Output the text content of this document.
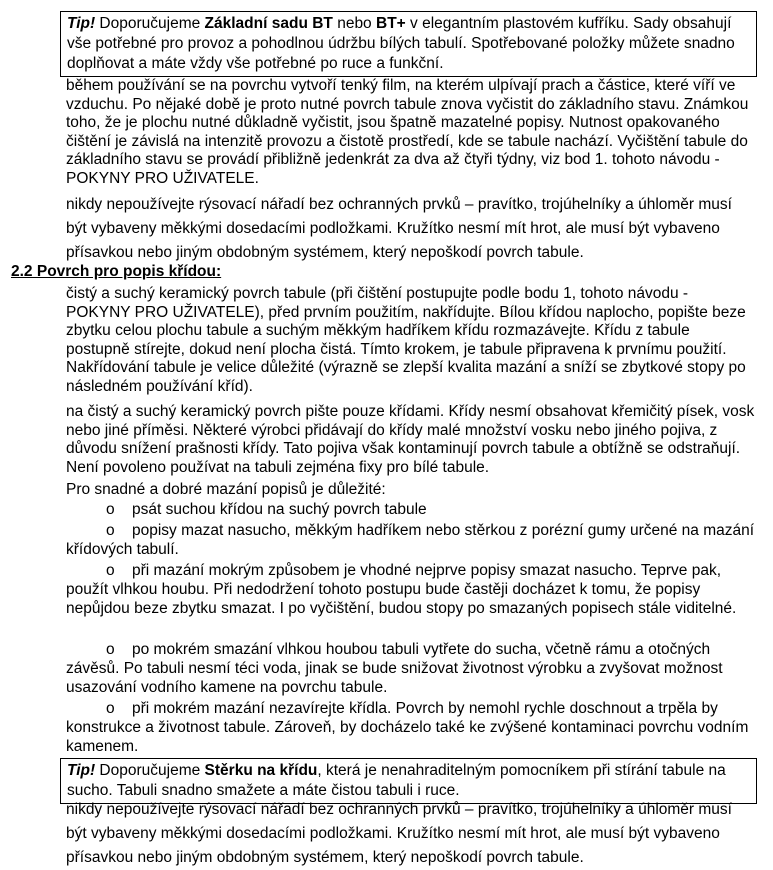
Tip! Doporučujeme Základní sadu BT nebo BT+ v elegantním plastovém kufříku. Sady obsahují vše potřebné pro provoz a pohodlnou údržbu bílých tabulí. Spotřebované položky můžete snadno doplňovat a máte vždy vše potřebné po ruce a funkční.
během používání se na povrchu vytvoří tenký film, na kterém ulpívají prach a částice, které víří ve vzduchu. Po nějaké době je proto nutné povrch tabule znova vyčistit do základního stavu. Známkou toho, že je plochu nutné důkladně vyčistit, jsou špatně mazatelné popisy. Nutnost opakovaného čištění je závislá na intenzitě provozu a čistotě prostředí, kde se tabule nachází. Vyčištění tabule do základního stavu se provádí přibližně jedenkrát za dva až čtyři týdny, viz bod 1. tohoto návodu - POKYNY PRO UŽIVATELE.
nikdy nepoužívejte rýsovací nářadí bez ochranných prvků – pravítko, trojúhelníky a úhloměr musí být vybaveny měkkými dosedacími podložkami. Kružítko nesmí mít hrot, ale musí být vybaveno přísavkou nebo jiným obdobným systémem, který nepoškodí povrch tabule.
2.2 Povrch pro popis křídou:
čistý a suchý keramický povrch tabule (při čištění postupujte podle bodu 1, tohoto návodu - POKYNY PRO UŽIVATELE), před prvním použitím, nakřídujte. Bílou křídou naplocho, popište beze zbytku celou plochu tabule a suchým měkkým hadříkem křídu rozmazávejte. Křídu z tabule postupně stírejte, dokud není plocha čistá. Tímto krokem, je tabule připravena k prvnímu použití. Nakřídování tabule je velice důležité (výrazně se zlepší kvalita mazání a sníží se zbytkové stopy po následném používání kříd).
na čistý a suchý keramický povrch pište pouze křídami. Křídy nesmí obsahovat křemičitý písek, vosk nebo jiné příměsi. Některé výrobci přidávají do křídy malé množství vosku nebo jiného pojiva, z důvodu snížení prašnosti křídy. Tato pojiva však kontaminují povrch tabule a obtížně se odstraňují. Není povoleno používat na tabuli zejména fixy pro bílé tabule.
Pro snadné a dobré mazání popisů je důležité:
o psát suchou křídou na suchý povrch tabule
o popisy mazat nasucho, měkkým hadříkem nebo stěrkou z porézní gumy určené na mazání křídových tabulí.
o při mazání mokrým způsobem je vhodné nejprve popisy smazat nasucho. Teprve pak, použít vlhkou houbu. Při nedodržení tohoto postupu bude častěji docházet k tomu, že popisy nepůjdou beze zbytku smazat. I po vyčištění, budou stopy po smazaných popisech stále viditelné.
o po mokrém smazání vlhkou houbou tabuli vytřete do sucha, včetně rámu a otočných závěsů. Po tabuli nesmí téci voda, jinak se bude snižovat životnost výrobku a zvyšovat možnost usazování vodního kamene na povrchu tabule.
o při mokrém mazání nezavírejte křídla. Povrch by nemohl rychle doschnout a trpěla by konstrukce a životnost tabule. Zároveň, by docházelo také ke zvýšené kontaminaci povrchu vodním kamenem.
Tip! Doporučujeme Stěrku na křídu, která je nenahraditelným pomocníkem při stírání tabule na sucho. Tabuli snadno smažete a máte čistou tabuli i ruce.
nikdy nepoužívejte rýsovací nářadí bez ochranných prvků – pravítko, trojúhelníky a úhloměr musí být vybaveny měkkými dosedacími podložkami. Kružítko nesmí mít hrot, ale musí být vybaveno přísavkou nebo jiným obdobným systémem, který nepoškodí povrch tabule.
